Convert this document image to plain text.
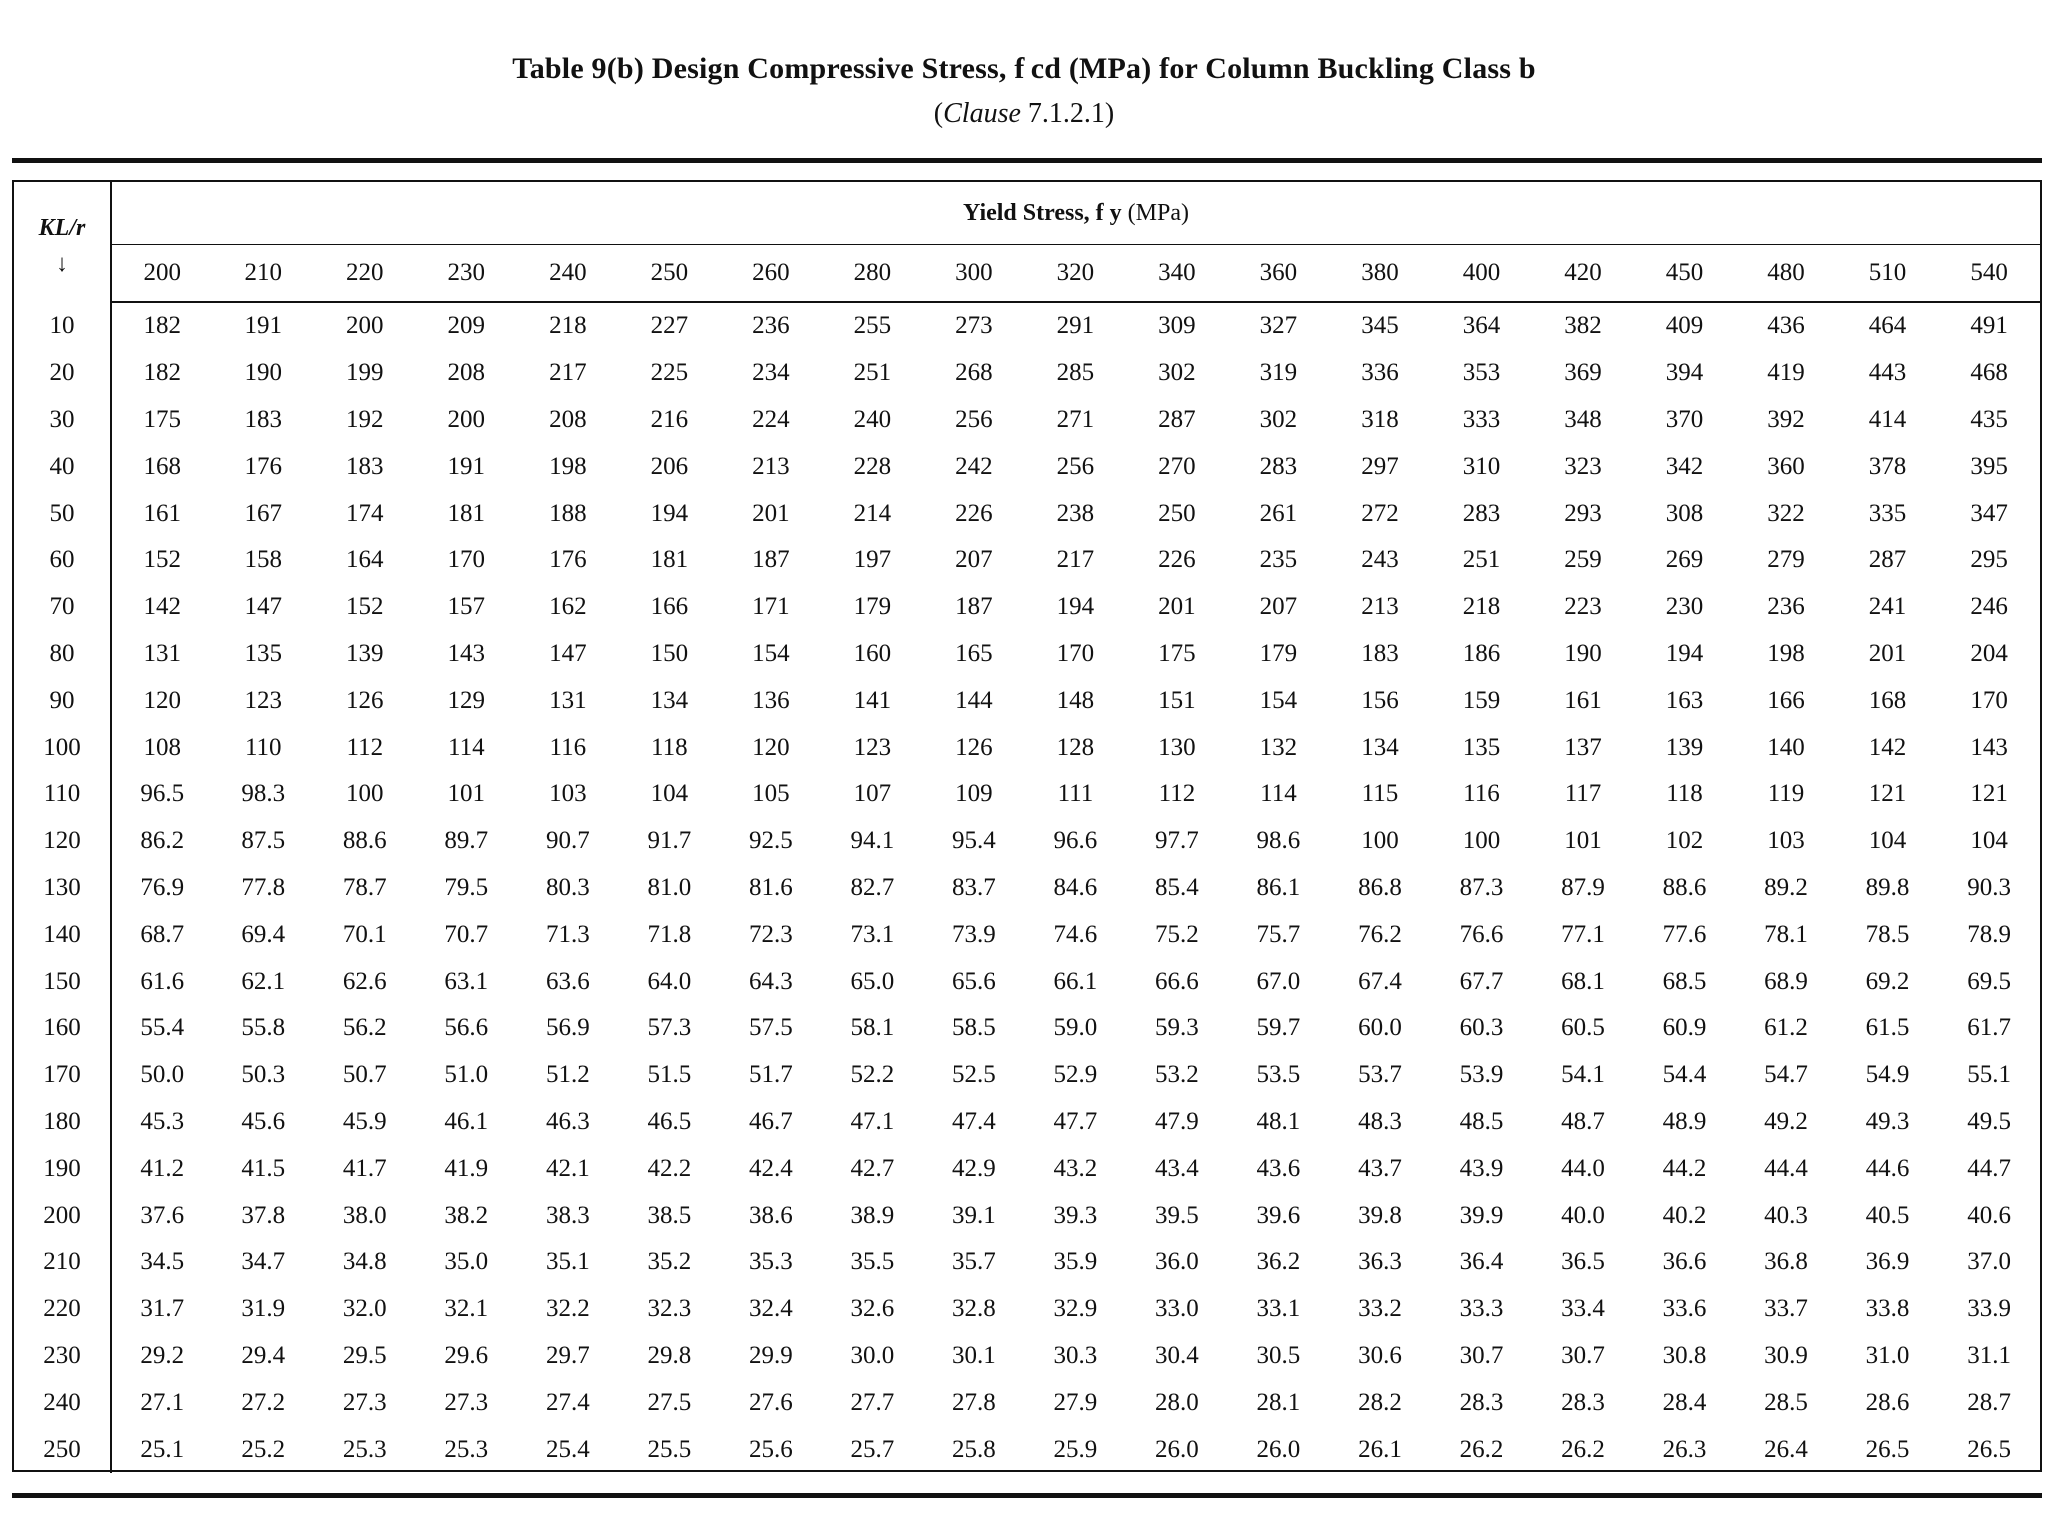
Table 9(b) Design Compressive Stress, f cd (MPa) for Column Buckling Class b
(Clause 7.1.2.1)
KL/r
↓	Yield Stress, f y (MPa)																		
	200	210	220	230	240	250	260	280	300	320	340	360	380	400	420	450	480	510	540
10	182	191	200	209	218	227	236	255	273	291	309	327	345	364	382	409	436	464	491
20	182	190	199	208	217	225	234	251	268	285	302	319	336	353	369	394	419	443	468
30	175	183	192	200	208	216	224	240	256	271	287	302	318	333	348	370	392	414	435
40	168	176	183	191	198	206	213	228	242	256	270	283	297	310	323	342	360	378	395
50	161	167	174	181	188	194	201	214	226	238	250	261	272	283	293	308	322	335	347
60	152	158	164	170	176	181	187	197	207	217	226	235	243	251	259	269	279	287	295
70	142	147	152	157	162	166	171	179	187	194	201	207	213	218	223	230	236	241	246
80	131	135	139	143	147	150	154	160	165	170	175	179	183	186	190	194	198	201	204
90	120	123	126	129	131	134	136	141	144	148	151	154	156	159	161	163	166	168	170
100	108	110	112	114	116	118	120	123	126	128	130	132	134	135	137	139	140	142	143
110	96.5	98.3	100	101	103	104	105	107	109	111	112	114	115	116	117	118	119	121	121
120	86.2	87.5	88.6	89.7	90.7	91.7	92.5	94.1	95.4	96.6	97.7	98.6	100	100	101	102	103	104	104
130	76.9	77.8	78.7	79.5	80.3	81.0	81.6	82.7	83.7	84.6	85.4	86.1	86.8	87.3	87.9	88.6	89.2	89.8	90.3
140	68.7	69.4	70.1	70.7	71.3	71.8	72.3	73.1	73.9	74.6	75.2	75.7	76.2	76.6	77.1	77.6	78.1	78.5	78.9
150	61.6	62.1	62.6	63.1	63.6	64.0	64.3	65.0	65.6	66.1	66.6	67.0	67.4	67.7	68.1	68.5	68.9	69.2	69.5
160	55.4	55.8	56.2	56.6	56.9	57.3	57.5	58.1	58.5	59.0	59.3	59.7	60.0	60.3	60.5	60.9	61.2	61.5	61.7
170	50.0	50.3	50.7	51.0	51.2	51.5	51.7	52.2	52.5	52.9	53.2	53.5	53.7	53.9	54.1	54.4	54.7	54.9	55.1
180	45.3	45.6	45.9	46.1	46.3	46.5	46.7	47.1	47.4	47.7	47.9	48.1	48.3	48.5	48.7	48.9	49.2	49.3	49.5
190	41.2	41.5	41.7	41.9	42.1	42.2	42.4	42.7	42.9	43.2	43.4	43.6	43.7	43.9	44.0	44.2	44.4	44.6	44.7
200	37.6	37.8	38.0	38.2	38.3	38.5	38.6	38.9	39.1	39.3	39.5	39.6	39.8	39.9	40.0	40.2	40.3	40.5	40.6
210	34.5	34.7	34.8	35.0	35.1	35.2	35.3	35.5	35.7	35.9	36.0	36.2	36.3	36.4	36.5	36.6	36.8	36.9	37.0
220	31.7	31.9	32.0	32.1	32.2	32.3	32.4	32.6	32.8	32.9	33.0	33.1	33.2	33.3	33.4	33.6	33.7	33.8	33.9
230	29.2	29.4	29.5	29.6	29.7	29.8	29.9	30.0	30.1	30.3	30.4	30.5	30.6	30.7	30.7	30.8	30.9	31.0	31.1
240	27.1	27.2	27.3	27.3	27.4	27.5	27.6	27.7	27.8	27.9	28.0	28.1	28.2	28.3	28.3	28.4	28.5	28.6	28.7
250	25.1	25.2	25.3	25.3	25.4	25.5	25.6	25.7	25.8	25.9	26.0	26.0	26.1	26.2	26.2	26.3	26.4	26.5	26.5
